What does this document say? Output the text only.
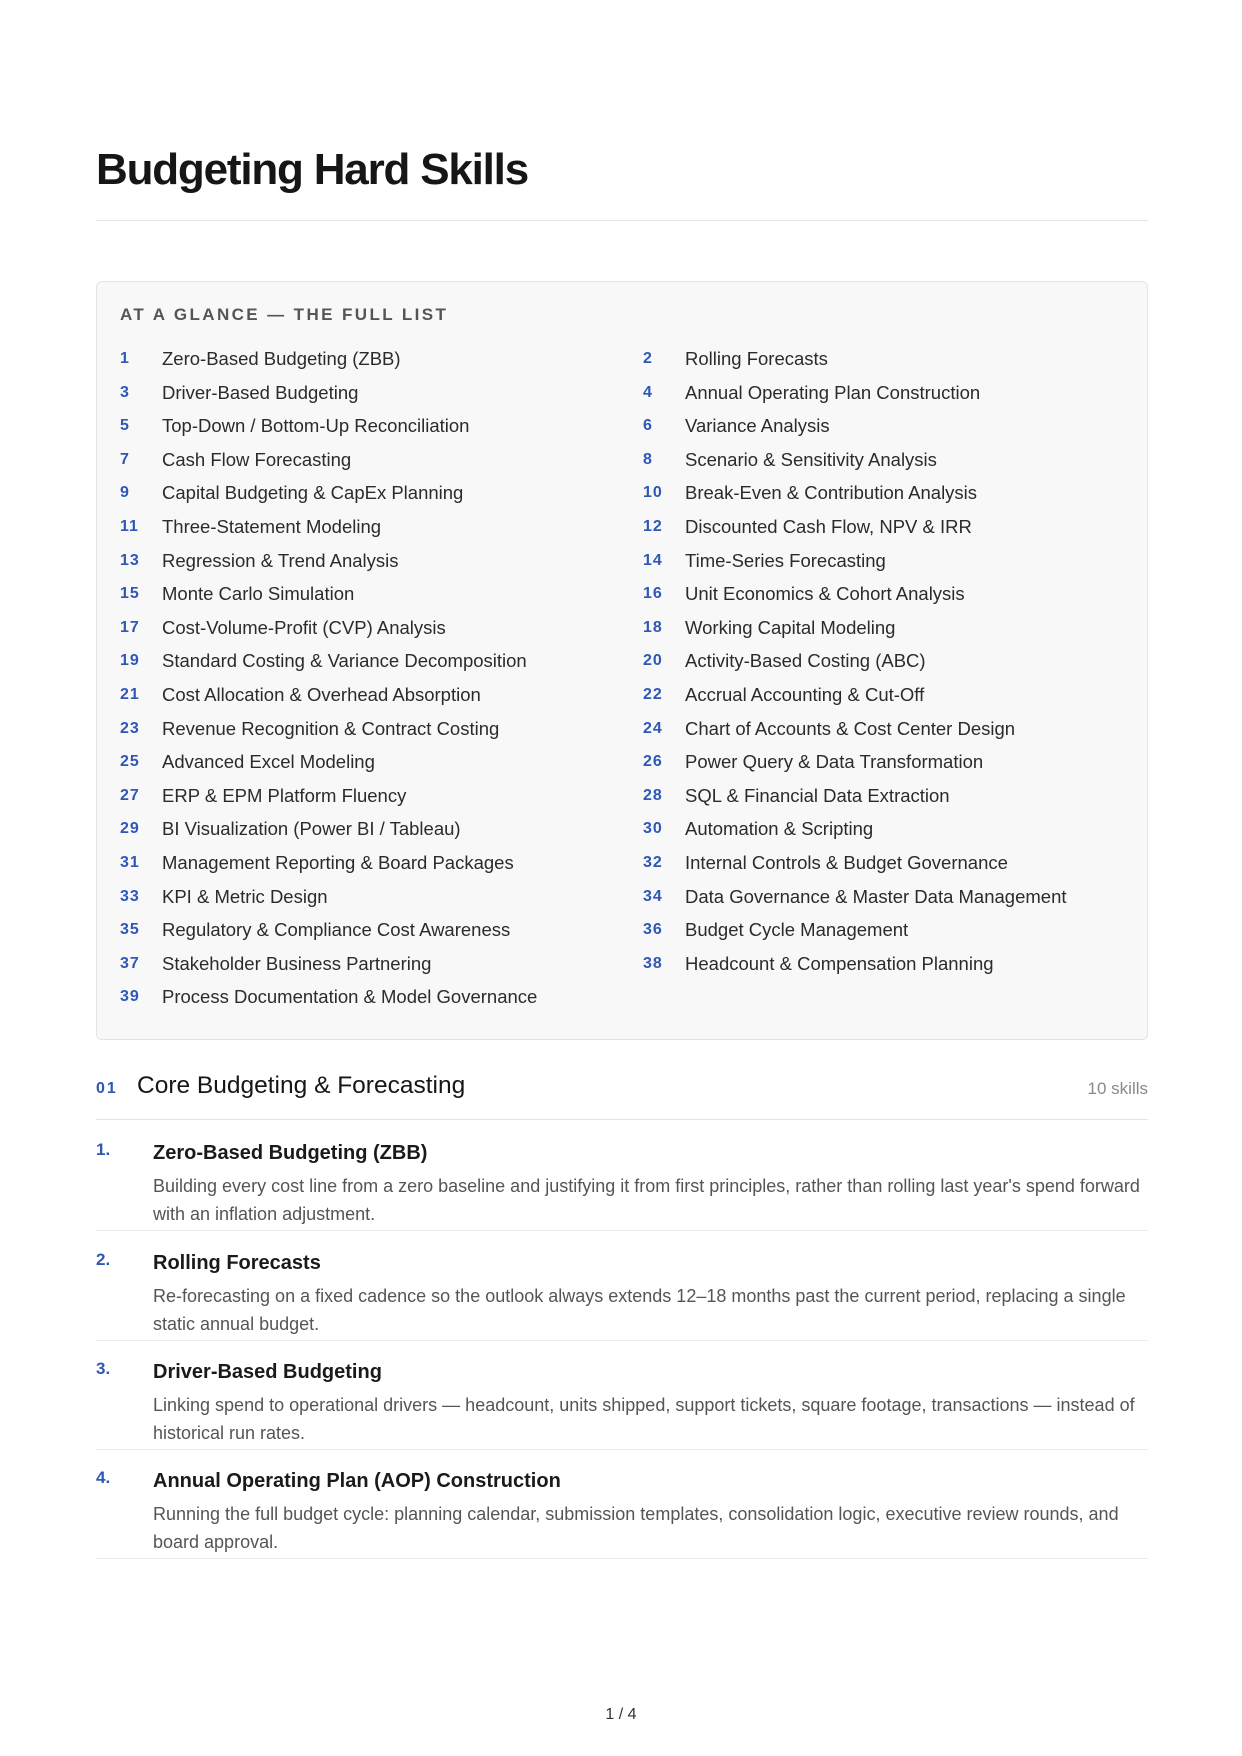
Budgeting Hard Skills
AT A GLANCE — THE FULL LIST
1	Zero-Based Budgeting (ZBB)	2	Rolling Forecasts
3	Driver-Based Budgeting	4	Annual Operating Plan Construction
5	Top-Down / Bottom-Up Reconciliation	6	Variance Analysis
7	Cash Flow Forecasting	8	Scenario & Sensitivity Analysis
9	Capital Budgeting & CapEx Planning	10	Break-Even & Contribution Analysis
11	Three-Statement Modeling	12	Discounted Cash Flow, NPV & IRR
13	Regression & Trend Analysis	14	Time-Series Forecasting
15	Monte Carlo Simulation	16	Unit Economics & Cohort Analysis
17	Cost-Volume-Profit (CVP) Analysis	18	Working Capital Modeling
19	Standard Costing & Variance Decomposition	20	Activity-Based Costing (ABC)
21	Cost Allocation & Overhead Absorption	22	Accrual Accounting & Cut-Off
23	Revenue Recognition & Contract Costing	24	Chart of Accounts & Cost Center Design
25	Advanced Excel Modeling	26	Power Query & Data Transformation
27	ERP & EPM Platform Fluency	28	SQL & Financial Data Extraction
29	BI Visualization (Power BI / Tableau)	30	Automation & Scripting
31	Management Reporting & Board Packages	32	Internal Controls & Budget Governance
33	KPI & Metric Design	34	Data Governance & Master Data Management
35	Regulatory & Compliance Cost Awareness	36	Budget Cycle Management
37	Stakeholder Business Partnering	38	Headcount & Compensation Planning
39	Process Documentation & Model Governance
01 Core Budgeting & Forecasting	10 skills
1. Zero-Based Budgeting (ZBB)
Building every cost line from a zero baseline and justifying it from first principles, rather than rolling last year's spend forward with an inflation adjustment.
2. Rolling Forecasts
Re-forecasting on a fixed cadence so the outlook always extends 12–18 months past the current period, replacing a single static annual budget.
3. Driver-Based Budgeting
Linking spend to operational drivers — headcount, units shipped, support tickets, square footage, transactions — instead of historical run rates.
4. Annual Operating Plan (AOP) Construction
Running the full budget cycle: planning calendar, submission templates, consolidation logic, executive review rounds, and board approval.
1 / 4
